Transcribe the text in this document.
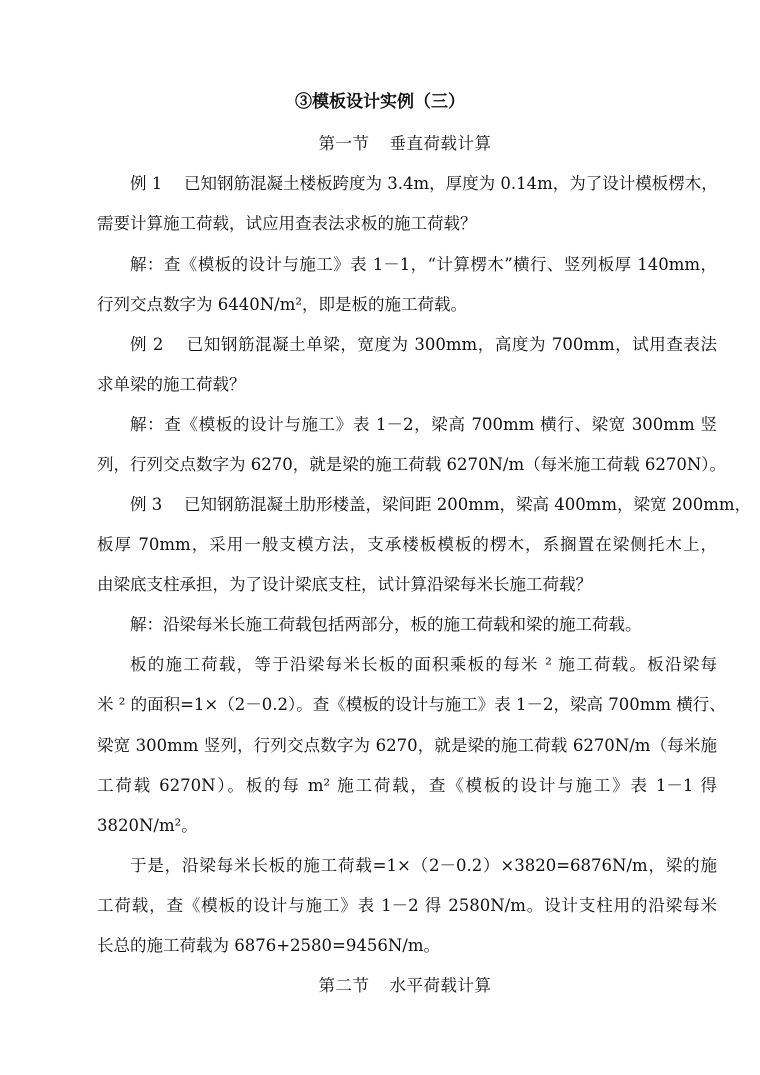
③模板设计实例（三）
第一节 垂直荷载计算
例 1　 已知钢筋混凝土楼板跨度为 3.4m，厚度为 0.14m，为了设计模板楞木，
需要计算施工荷载，试应用查表法求板的施工荷载？
解：查《模板的设计与施工》表 1－1，“计算楞木”横行、竖列板厚 140mm，
行列交点数字为 6440N/m²，即是板的施工荷载。
例 2　 已知钢筋混凝土单梁，宽度为 300mm，高度为 700mm，试用查表法
求单梁的施工荷载？
解：查《模板的设计与施工》表 1－2，梁高 700mm 横行、梁宽 300mm 竖
列，行列交点数字为 6270，就是梁的施工荷载 6270N/m（每米施工荷载 6270N）。
例 3　 已知钢筋混凝土肋形楼盖，梁间距 200mm，梁高 400mm，梁宽 200mm，
板厚 70mm，采用一般支模方法，支承楼板模板的楞木，系搁置在梁侧托木上，
由梁底支柱承担，为了设计梁底支柱，试计算沿梁每米长施工荷载？
解：沿梁每米长施工荷载包括两部分，板的施工荷载和梁的施工荷载。
板的施工荷载，等于沿梁每米长板的面积乘板的每米 ² 施工荷载。板沿梁每
米 ² 的面积=1×（2－0.2）。查《模板的设计与施工》表 1－2，梁高 700mm 横行、
梁宽 300mm 竖列，行列交点数字为 6270，就是梁的施工荷载 6270N/m（每米施
工荷载 6270N）。板的每 m² 施工荷载，查《模板的设计与施工》表 1－1 得
3820N/m²。
于是，沿梁每米长板的施工荷载=1×（2－0.2）×3820=6876N/m，梁的施
工荷载，查《模板的设计与施工》表 1－2 得 2580N/m。设计支柱用的沿梁每米
长总的施工荷载为 6876+2580=9456N/m。
第二节 水平荷载计算
